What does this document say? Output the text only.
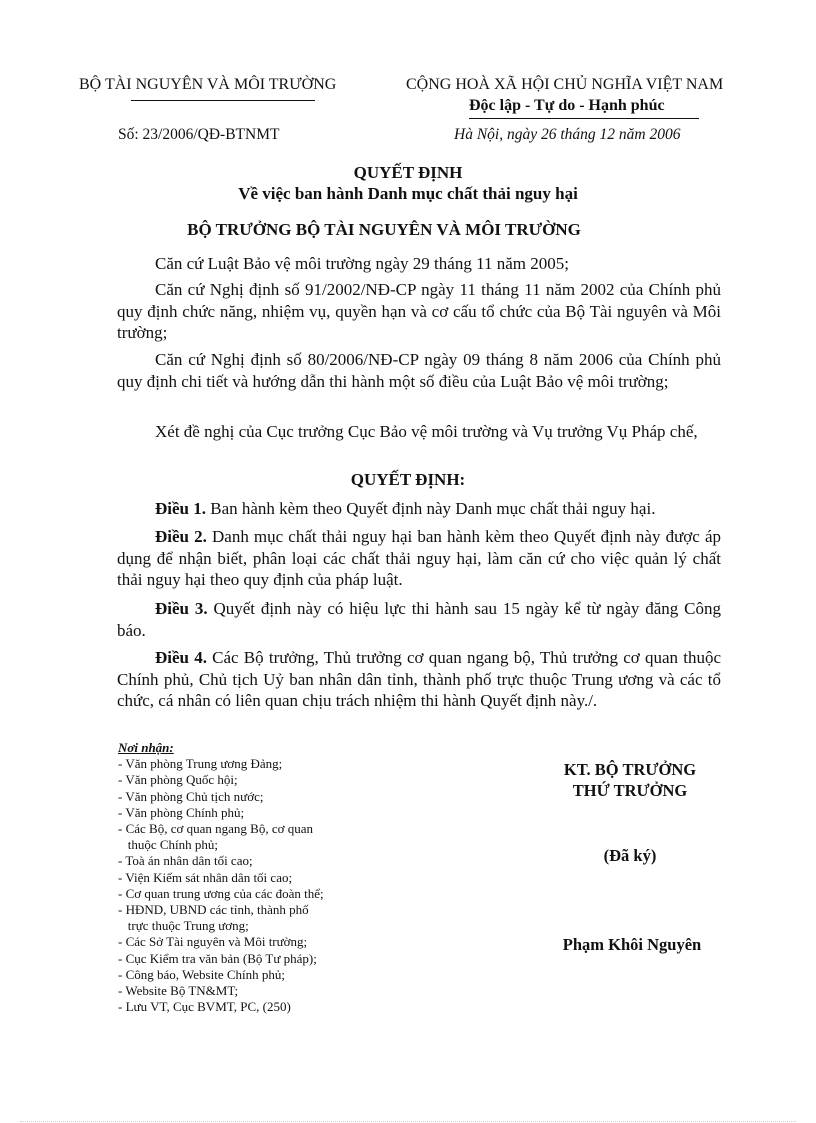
BỘ TÀI NGUYÊN VÀ MÔI TRƯỜNG	CỘNG HOÀ XÃ HỘI CHỦ NGHĨA VIỆT NAM
Độc lập - Tự do - Hạnh phúc
Số: 23/2006/QĐ-BTNMT	Hà Nội, ngày 26 tháng 12 năm 2006
QUYẾT ĐỊNH
Về việc ban hành Danh mục chất thải nguy hại
BỘ TRƯỞNG BỘ TÀI NGUYÊN VÀ MÔI TRƯỜNG
Căn cứ Luật Bảo vệ môi trường ngày 29 tháng 11 năm 2005;
Căn cứ Nghị định số 91/2002/NĐ-CP ngày 11 tháng 11 năm 2002 của Chính phủ quy định chức năng, nhiệm vụ, quyền hạn và cơ cấu tổ chức của Bộ Tài nguyên và Môi trường;
Căn cứ Nghị định số 80/2006/NĐ-CP ngày 09 tháng 8 năm 2006 của Chính phủ quy định chi tiết và hướng dẫn thi hành một số điều của Luật Bảo vệ môi trường;
Xét đề nghị của Cục trưởng Cục Bảo vệ môi trường và Vụ trưởng Vụ Pháp chế,
QUYẾT ĐỊNH:
Điều 1. Ban hành kèm theo Quyết định này Danh mục chất thải nguy hại.
Điều 2. Danh mục chất thải nguy hại ban hành kèm theo Quyết định này được áp dụng để nhận biết, phân loại các chất thải nguy hại, làm căn cứ cho việc quản lý chất thải nguy hại theo quy định của pháp luật.
Điều 3. Quyết định này có hiệu lực thi hành sau 15 ngày kể từ ngày đăng Công báo.
Điều 4. Các Bộ trưởng, Thủ trưởng cơ quan ngang bộ, Thủ trưởng cơ quan thuộc Chính phủ, Chủ tịch Uỷ ban nhân dân tỉnh, thành phố trực thuộc Trung ương và các tổ chức, cá nhân có liên quan chịu trách nhiệm thi hành Quyết định này./.
Nơi nhận:
- Văn phòng Trung ương Đảng;
- Văn phòng Quốc hội;
- Văn phòng Chủ tịch nước;
- Văn phòng Chính phủ;
- Các Bộ, cơ quan ngang Bộ, cơ quan
thuộc Chính phủ;
- Toà án nhân dân tối cao;
- Viện Kiểm sát nhân dân tối cao;
- Cơ quan trung ương của các đoàn thể;
- HĐND, UBND các tỉnh, thành phố
trực thuộc Trung ương;
- Các Sở Tài nguyên và Môi trường;
- Cục Kiểm tra văn bản (Bộ Tư pháp);
- Công báo, Website Chính phủ;
- Website Bộ TN&MT;
- Lưu VT, Cục BVMT, PC, (250)
KT. BỘ TRƯỞNG
THỨ TRƯỞNG
(Đã ký)
Phạm Khôi Nguyên
